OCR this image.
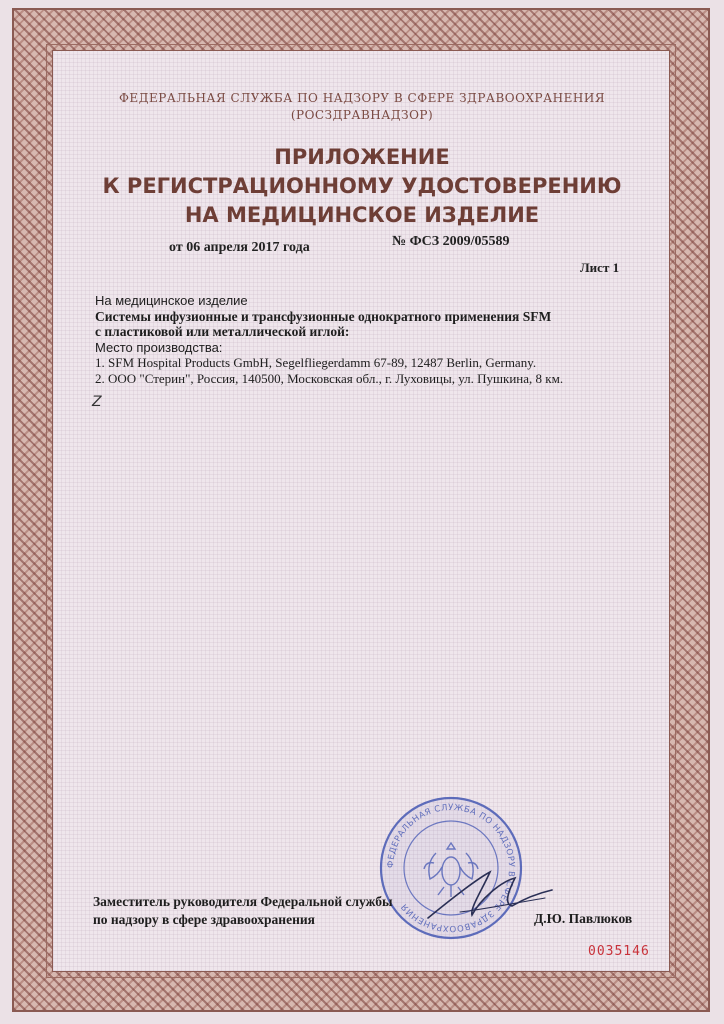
ФЕДЕРАЛЬНАЯ СЛУЖБА ПО НАДЗОРУ В СФЕРЕ ЗДРАВООХРАНЕНИЯ
(РОСЗДРАВНАДЗОР)
ПРИЛОЖЕНИЕ
К РЕГИСТРАЦИОННОМУ УДОСТОВЕРЕНИЮ
НА МЕДИЦИНСКОЕ ИЗДЕЛИЕ
от 06 апреля 2017 года	№ ФСЗ 2009/05589
Лист 1
На медицинское изделие
Системы инфузионные и трансфузионные однократного применения SFM
с пластиковой или металлической иглой:
Место производства:
1. SFM Hospital Products GmbH, Segelfliegerdamm 67-89, 12487 Berlin, Germany.
2. ООО "Стерин", Россия, 140500, Московская обл., г. Луховицы, ул. Пушкина, 8 км.
Z
ФЕДЕРАЛЬНАЯ СЛУЖБА ПО НАДЗОРУ В СФЕРЕ ЗДРАВООХРАНЕНИЯ
Заместитель руководителя Федеральной службы
по надзору в сфере здравоохранения	Д.Ю. Павлюков
0035146
